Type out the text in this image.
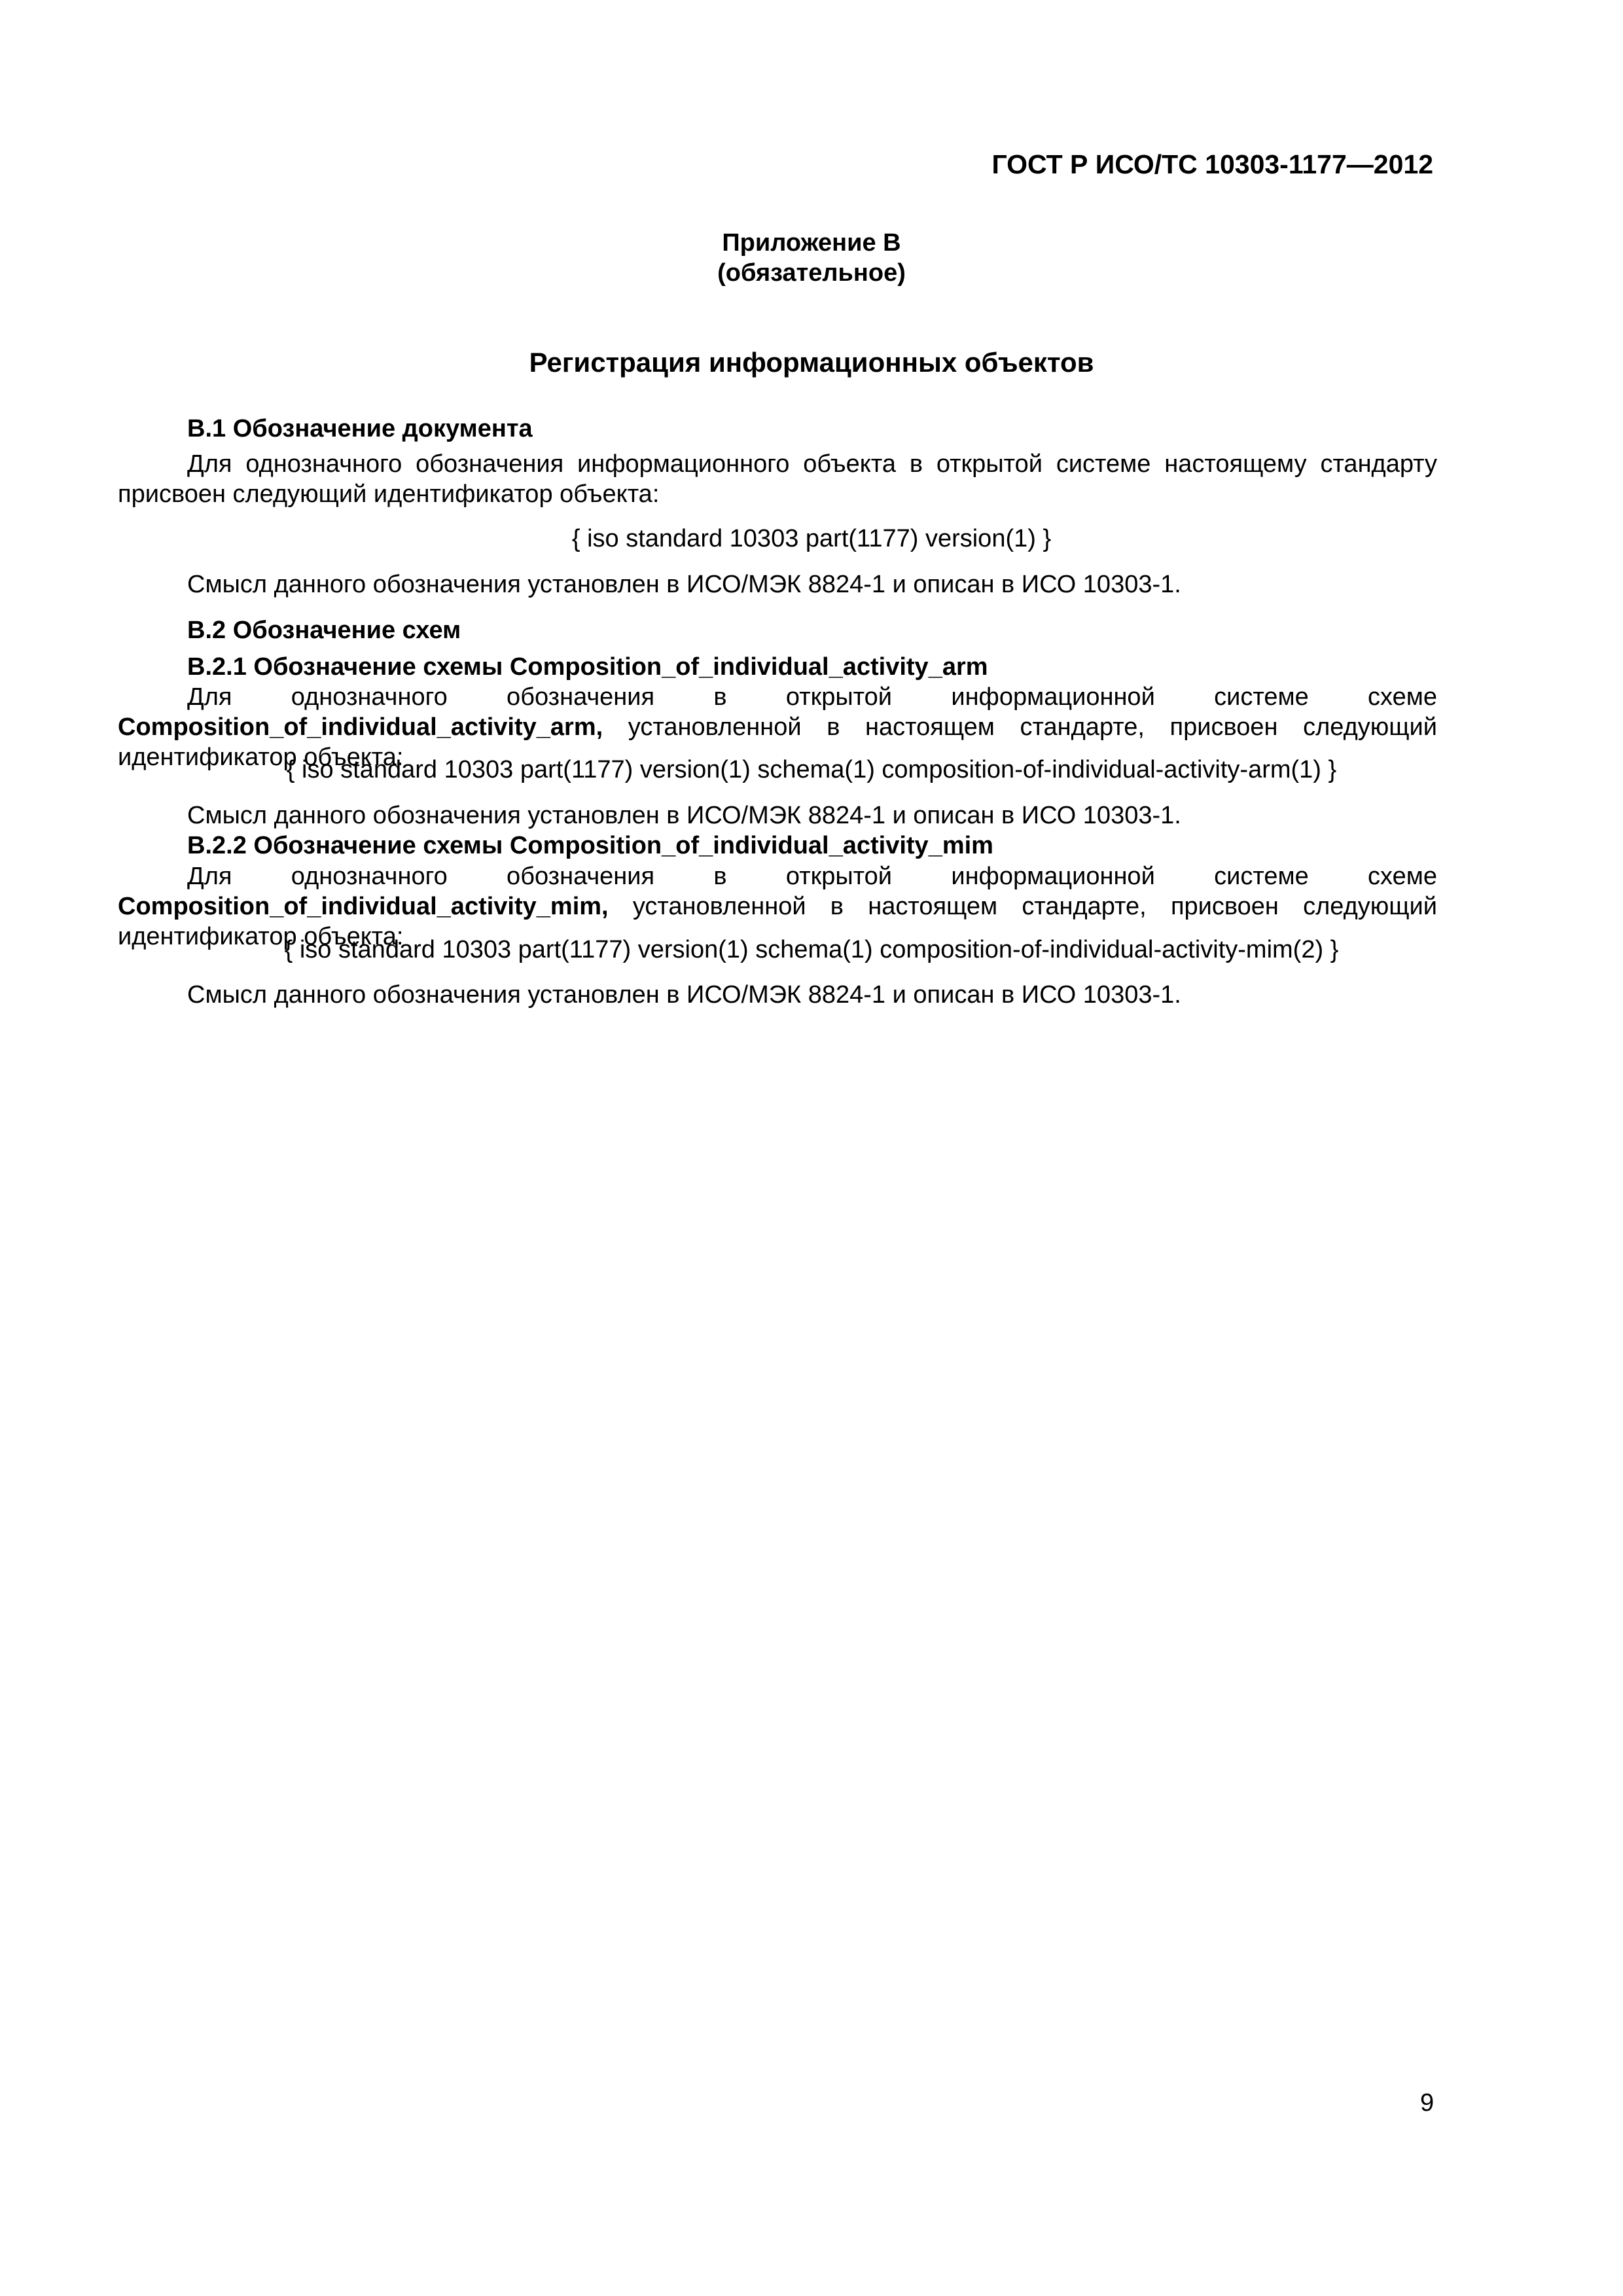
ГОСТ Р ИСО/ТС 10303-1177—2012
Приложение B
(обязательное)
Регистрация информационных объектов
B.1 Обозначение документа

Для однозначного обозначения информационного объекта в открытой системе настоящему стандарту присвоен следующий идентификатор объекта:

{ iso standard 10303 part(1177) version(1) }
Смысл данного обозначения установлен в ИСО/МЭК 8824-1 и описан в ИСО 10303-1.
B.2 Обозначение схем
B.2.1 Обозначение схемы Composition_of_individual_activity_arm

Для однозначного обозначения в открытой информационной системе схеме Composition_of_individual_activity_arm, установленной в настоящем стандарте, присвоен следующий идентификатор объекта:

{ iso standard 10303 part(1177) version(1) schema(1) composition-of-individual-activity-arm(1) }
Смысл данного обозначения установлен в ИСО/МЭК 8824-1 и описан в ИСО 10303-1.
B.2.2 Обозначение схемы Composition_of_individual_activity_mim

Для однозначного обозначения в открытой информационной системе схеме Composition_of_individual_activity_mim, установленной в настоящем стандарте, присвоен следующий идентификатор объекта:

{ iso standard 10303 part(1177) version(1) schema(1) composition-of-individual-activity-mim(2) }
Смысл данного обозначения установлен в ИСО/МЭК 8824-1 и описан в ИСО 10303-1.
9
